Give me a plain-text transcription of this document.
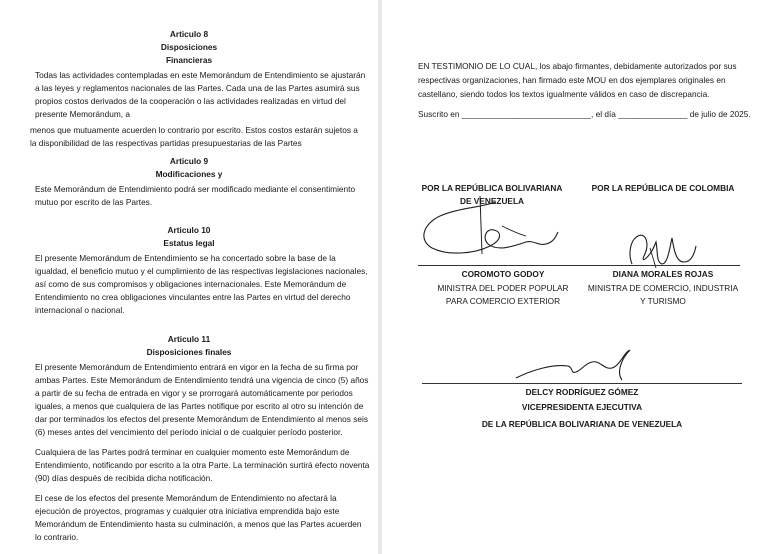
Articulo 8
Disposiciones
Financieras
Todas las actividades contempladas en este Memorándum de Entendimiento se ajustarán
a las leyes y reglamentos nacionales de las Partes. Cada una de las Partes asumirá sus
propios costos derivados de la cooperación o las actividades realizadas en virtud del
presente Memorándum, a
menos que mutuamente acuerden lo contrario por escrito. Estos costos estarán sujetos a
la disponibilidad de las respectivas partidas presupuestarias de las Partes
Articulo 9
Modificaciones y
Este Memorándum de Entendimiento podrá ser modificado mediante el consentimiento
mutuo por escrito de las Partes.
Articulo 10
Estatus legal
El presente Memorándum de Entendimiento se ha concertado sobre la base de la
igualdad, el beneficio mutuo y el cumplimiento de las respectivas legislaciones nacionales,
así como de sus compromisos y obligaciones internacionales. Este Memorándum de
Entendimiento no crea obligaciones vinculantes entre las Partes en virtud del derecho
internacional o nacional.
Articulo 11
Disposiciones finales
El presente Memorándum de Entendimiento entrará en vigor en la fecha de su firma por
ambas Partes. Este Memorándum de Entendimiento tendrá una vigencia de cinco (5) años
a partir de su fecha de entrada en vigor y se prorrogará automáticamente por periodos
iguales, a menos que cualquiera de las Partes notifique por escrito al otro su intención de
dar por terminados los efectos del presente Memorándum de Entendimiento al menos seis
(6) meses antes del vencimiento del período inicial o de cualquier período posterior.
Cualquiera de las Partes podrá terminar en cualquier momento este Memorándum de
Entendimiento, notificando por escrito a la otra Parte. La terminación surtirá efecto noventa
(90) días después de recibida dicha notificación.
El cese de los efectos del presente Memorándum de Entendimiento no afectará la
ejecución de proyectos, programas y cualquier otra iniciativa emprendida bajo este
Memorándum de Entendimiento hasta su culminación, a menos que las Partes acuerden
lo contrario.
EN TESTIMONIO DE LO CUAL, los abajo firmantes, debidamente autorizados por sus
respectivas organizaciones, han firmado este MOU en dos ejemplares originales en
castellano, siendo todos los textos igualmente válidos en caso de discrepancia.
Suscrito en ____________________________, el día _______________ de julio de 2025.
POR LA REPÚBLICA BOLIVARIANA
DE VENEZUELA
COROMOTO GODOY
MINISTRA DEL PODER POPULAR
PARA COMERCIO EXTERIOR
POR LA REPÚBLICA DE COLOMBIA
DIANA MORALES ROJAS
MINISTRA DE COMERCIO, INDUSTRIA
Y TURISMO
DELCY RODRÍGUEZ GÓMEZ
VICEPRESIDENTA EJECUTIVA
DE LA REPÚBLICA BOLIVARIANA DE VENEZUELA
